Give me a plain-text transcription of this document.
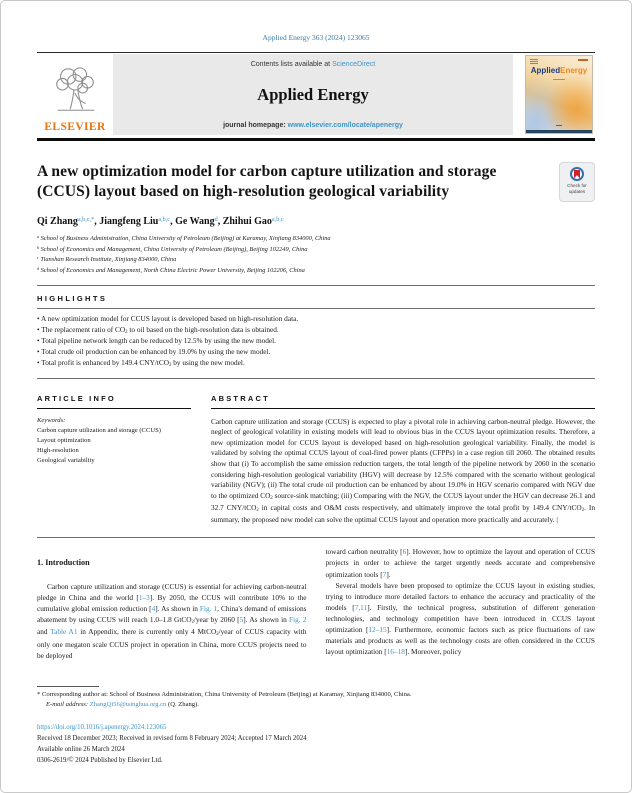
Applied Energy 363 (2024) 123065
ELSEVIER
Contents lists available at ScienceDirect
Applied Energy
journal homepage: www.elsevier.com/locate/apenergy
AppliedEnergy
▬▬▬▬
▬▬
A new optimization model for carbon capture utilization and storage (CCUS) layout based on high-resolution geological variability	Check for
updates
Qi Zhang$^{a,b,c,*}$, Jiangfeng Liu$^{a,b,c}$, Ge Wang$^d$, Zhihui Gao$^{a,b,c}$
$^a$ School of Business Administration, China University of Petroleum (Beijing) at Karamay, Xinjiang 834000, China
$^b$ School of Economics and Management, China University of Petroleum (Beijing), Beijing 102249, China
$^c$ Tianshan Research Institute, Xinjiang 834000, China
$^d$ School of Economics and Management, North China Electric Power University, Beijing 102206, China
HIGHLIGHTS
• A new optimization model for CCUS layout is developed based on high-resolution data.
• The replacement ratio of $CO_2$ to oil based on the high-resolution data is obtained.
• Total pipeline network length can be reduced by 12.5% by using the new model.
• Total crude oil production can be enhanced by 19.0% by using the new model.
• Total profit is enhanced by 149.4 CNY/tCO$_2$ by using the new model.
ARTICLE INFO
Keywords:
Carbon capture utilization and storage (CCUS)
Layout optimization
High-resolution
Geological variability
ABSTRACT
Carbon capture utilization and storage (CCUS) is expected to play a pivotal role in achieving carbon-neutral pledge. However, the neglect of geological volatility in existing models will lead to obvious bias in the CCUS layout optimization results. Therefore, a new optimization model for CCUS layout is developed based on high-resolution geological variability. Finally, the model is validated by solving the optimal CCUS layout of coal-fired power plants (CFPPs) in a case region till 2060. The obtained results show that (i) To accomplish the same emission reduction targets, the total length of the pipeline network by 2060 in the scenario considering high-resolution geological variability (HGV) will decrease by 12.5% compared with the scenario without geological variability (NGV); (ii) The total crude oil production can be enhanced by about 19.0% in HGV scenario compared with NGV due to the optimized $CO_2$ source-sink matching; (iii) Comparing with the NGV, the CCUS layout under the HGV can decrease 26.1 and 32.7 CNY/tCO$_2$ in capital costs and O&M costs respectively, and ultimately improve the total profit by 149.4 CNY/tCO$_2$. In summary, the proposed new model can solve the optimal CCUS layout and operation more practically and accurately. |
1. Introduction

Carbon capture utilization and storage (CCUS) is essential for achieving carbon-neutral pledge in China and the world [1–3]. By 2050, the CCUS will contribute 10% to the cumulative global emission reduction [4]. As shown in Fig. 1, China's demand of emissions abatement by using CCUS will reach 1.0–1.8 GtCO$_2$/year by 2060 [5]. As shown in Fig. 2 and Table A1 in Appendix, there is currently only 4 MtCO$_2$/year of CCUS capacity with only one megaton scale CCUS project in operation in China, more CCUS projects need to be deployed

toward carbon neutrality [6]. However, how to optimize the layout and operation of CCUS projects in order to achieve the target urgently needs accurate and comprehensive optimization tools [7].

Several models have been proposed to optimize the CCUS layout in existing studies, trying to introduce more detailed factors to enhance the accuracy and practicality of the models [7,11]. Firstly, the technical progress, substitution of different generation technologies, and technology competition have been introduced in CCUS layout optimization [12–15]. Furthermore, economic factors such as price fluctuations of raw materials and products as well as the technology costs are often considered in the CCUS layout optimization [16–18]. Moreover, policy

* Corresponding author at: School of Business Administration, China University of Petroleum (Beijing) at Karamay, Xinjiang 834000, China.
E-mail address: ZhangQi56@tsinghua.org.cn (Q. Zhang).
https://doi.org/10.1016/j.apenergy.2024.123065
Received 18 December 2023; Received in revised form 8 February 2024; Accepted 17 March 2024
Available online 26 March 2024
0306-2619/© 2024 Published by Elsevier Ltd.
